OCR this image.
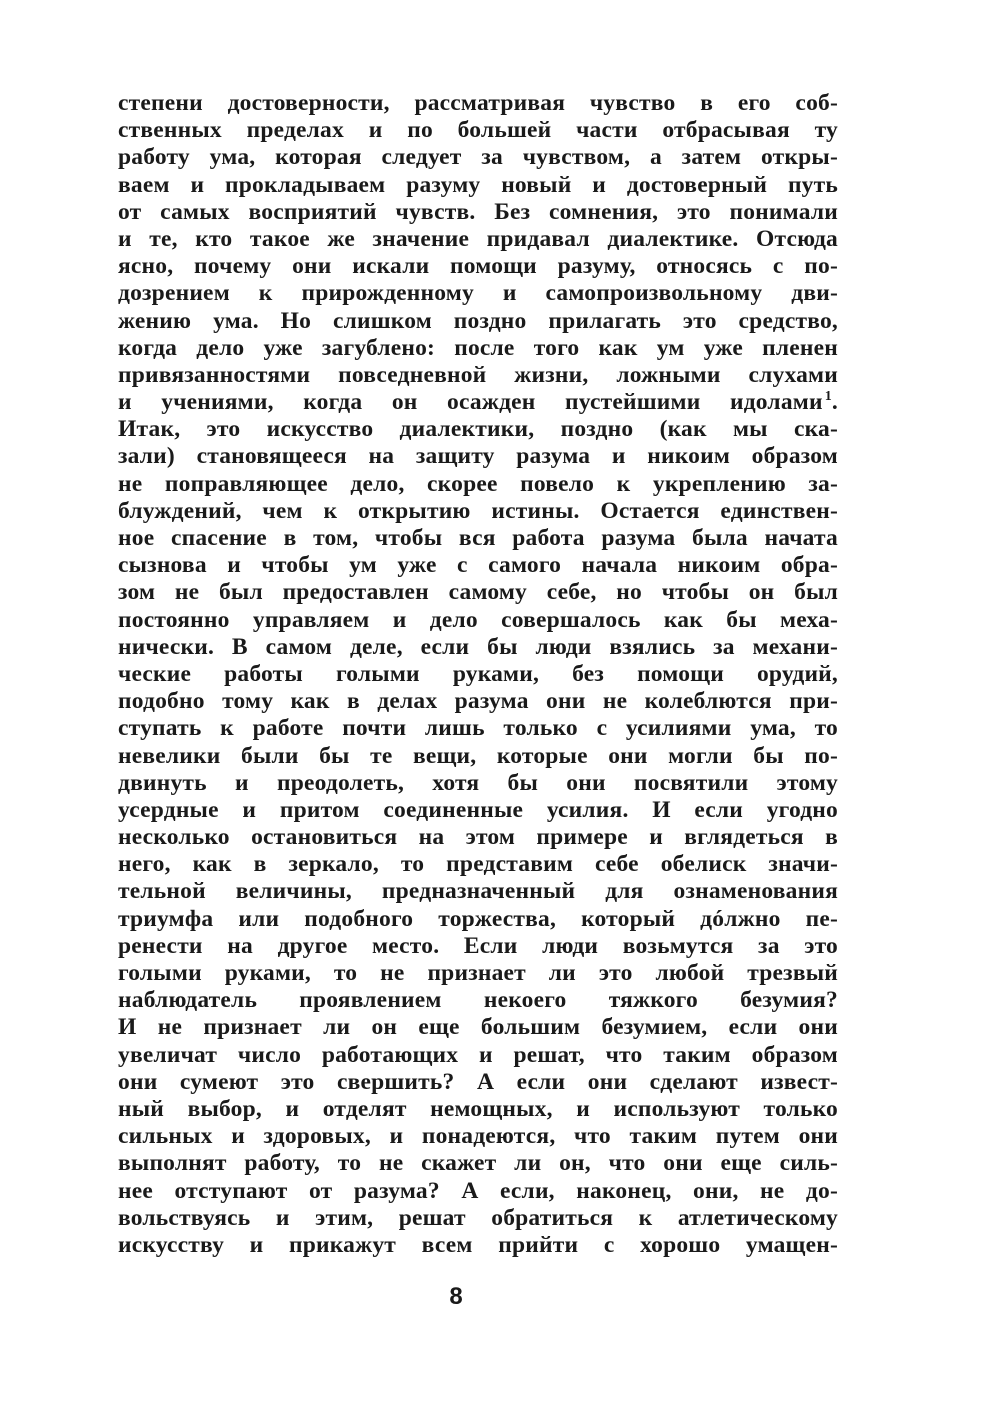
степени достоверности, рассматривая чувство в его соб-
ственных пределах и по большей части отбрасывая ту
работу ума, которая следует за чувством, а затем откры-
ваем и прокладываем разуму новый и достоверный путь
от самых восприятий чувств. Без сомнения, это понимали
и те, кто такое же значение придавал диалектике. Отсюда
ясно, почему они искали помощи разуму, относясь с по-
дозрением к прирожденному и самопроизвольному дви-
жению ума. Но слишком поздно прилагать это средство,
когда дело уже загублено: после того как ум уже пленен
привязанностями повседневной жизни, ложными слухами
и учениями, когда он осажден пустейшими идолами $^1$.
Итак, это искусство диалектики, поздно (как мы ска-
зали) становящееся на защиту разума и никоим образом
не поправляющее дело, скорее повело к укреплению за-
блуждений, чем к открытию истины. Остается единствен-
ное спасение в том, чтобы вся работа разума была начата
сызнова и чтобы ум уже с самого начала никоим обра-
зом не был предоставлен самому себе, но чтобы он был
постоянно управляем и дело совершалось как бы меха-
нически. В самом деле, если бы люди взялись за механи-
ческие работы голыми руками, без помощи орудий,
подобно тому как в делах разума они не колеблются при-
ступать к работе почти лишь только с усилиями ума, то
невелики были бы те вещи, которые они могли бы по-
двинуть и преодолеть, хотя бы они посвятили этому
усердные и притом соединенные усилия. И если угодно
несколько остановиться на этом примере и вглядеться в
него, как в зеркало, то представим себе обелиск значи-
тельной величины, предназначенный для ознаменования
триумфа или подобного торжества, который дóлжно пе-
ренести на другое место. Если люди возьмутся за это
голыми руками, то не признает ли это любой трезвый
наблюдатель проявлением некоего тяжкого безумия?
И не признает ли он еще большим безумием, если они
увеличат число работающих и решат, что таким образом
они сумеют это свершить? А если они сделают извест-
ный выбор, и отделят немощных, и используют только
сильных и здоровых, и понадеются, что таким путем они
выполнят работу, то не скажет ли он, что они еще силь-
нее отступают от разума? А если, наконец, они, не до-
вольствуясь и этим, решат обратиться к атлетическому
искусству и прикажут всем прийти с хорошо умащен-
8
